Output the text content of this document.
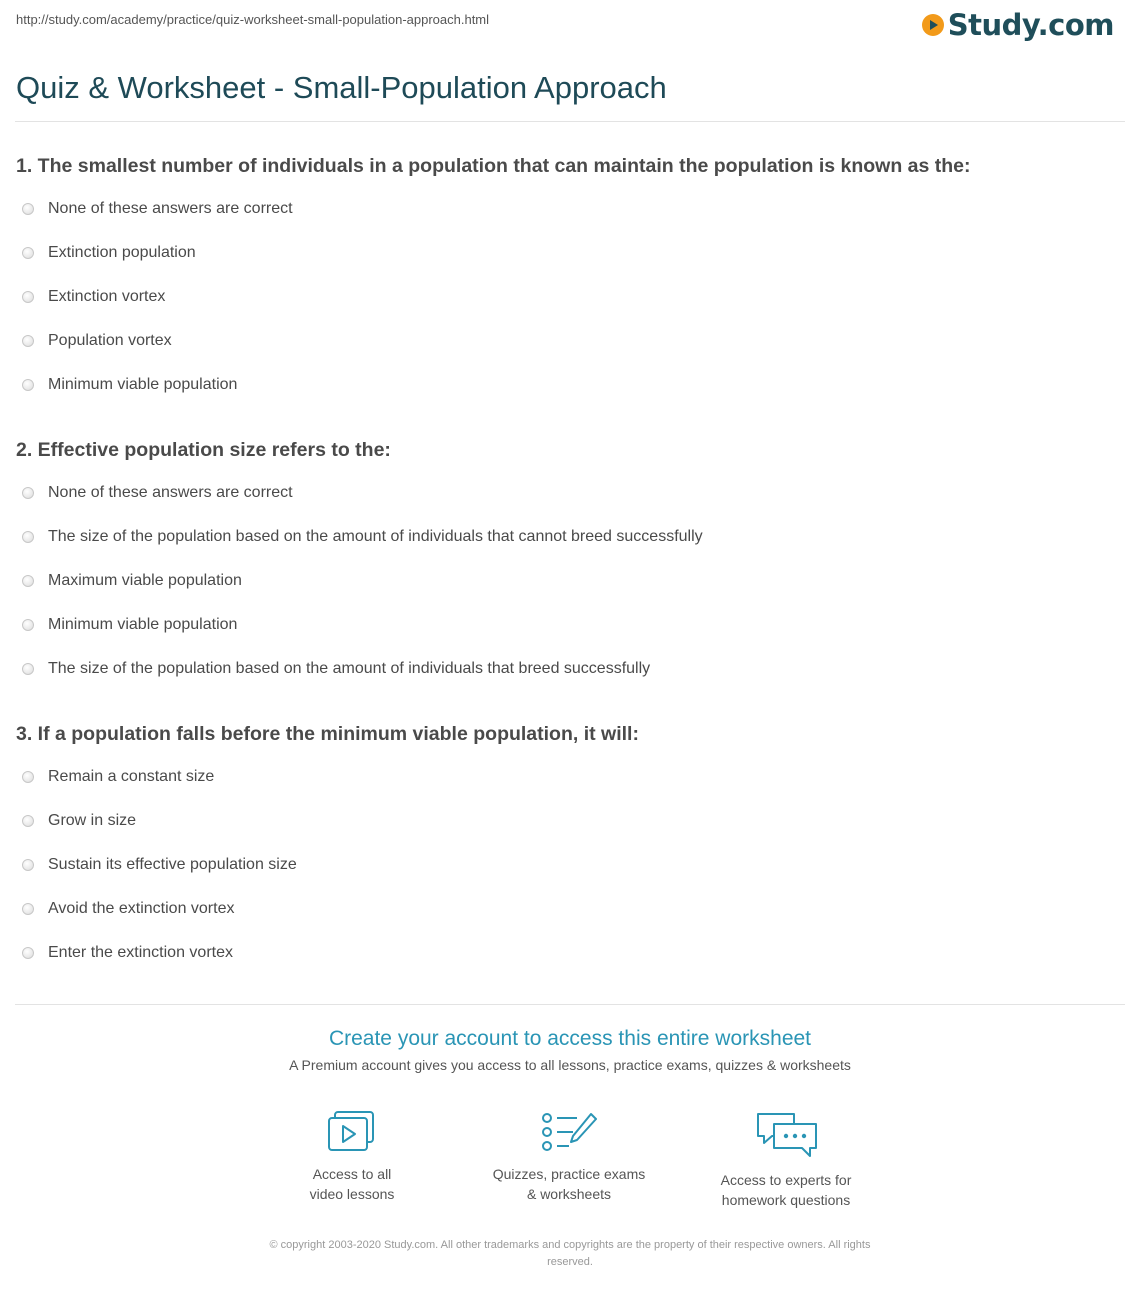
http://study.com/academy/practice/quiz-worksheet-small-population-approach.html	Study.com
Quiz & Worksheet - Small-Population Approach
1. The smallest number of individuals in a population that can maintain the population is known as the:
None of these answers are correct
Extinction population
Extinction vortex
Population vortex
Minimum viable population
2. Effective population size refers to the:
None of these answers are correct
The size of the population based on the amount of individuals that cannot breed successfully
Maximum viable population
Minimum viable population
The size of the population based on the amount of individuals that breed successfully
3. If a population falls before the minimum viable population, it will:
Remain a constant size
Grow in size
Sustain its effective population size
Avoid the extinction vortex
Enter the extinction vortex
Create your account to access this entire worksheet
A Premium account gives you access to all lessons, practice exams, quizzes & worksheets
Access to all
video lessons
Quizzes, practice exams
& worksheets
Access to experts for
homework questions
© copyright 2003-2020 Study.com. All other trademarks and copyrights are the property of their respective owners. All rights
reserved.
